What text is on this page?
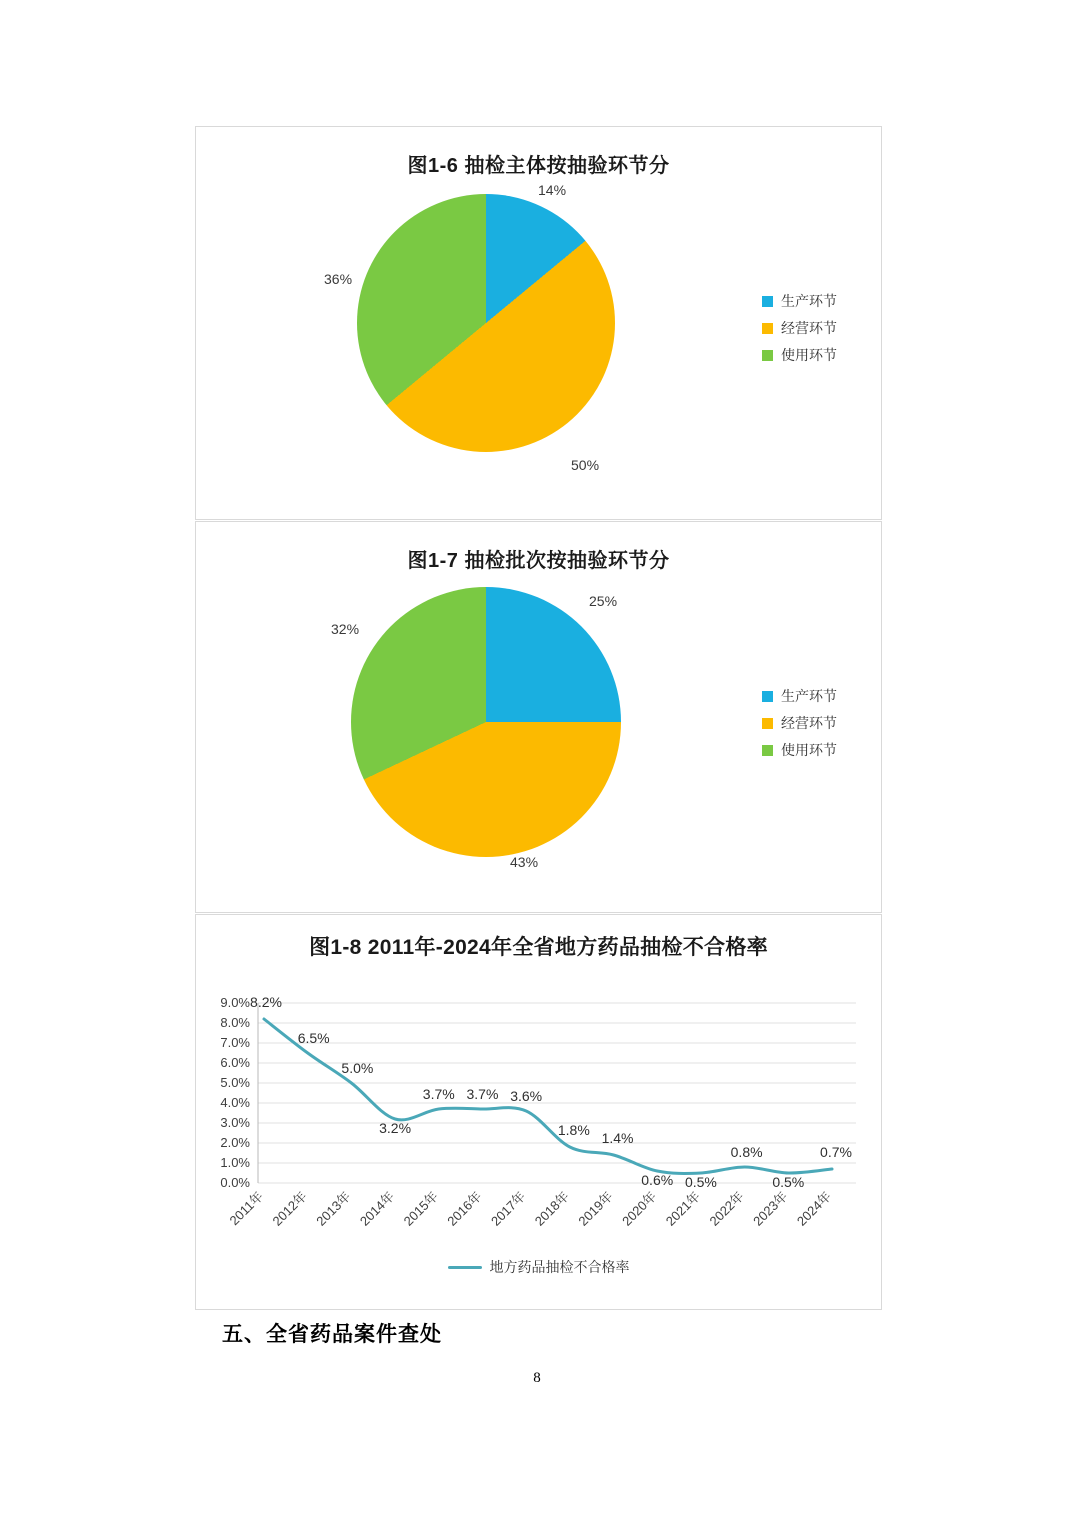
图1-6 抽检主体按抽验环节分
14%
50%
36%
生产环节
经营环节
使用环节
图1-7 抽检批次按抽验环节分
25%
43%
32%
生产环节
经营环节
使用环节
图1-8 2011年-2024年全省地方药品抽检不合格率
9.0%
8.0%
7.0%
6.0%
5.0%
4.0%
3.0%
2.0%
1.0%
0.0%
8.2%
6.5%
5.0%
3.2%
3.7% 3.7% 3.6%
1.8% 1.4%
0.6% 0.5%
0.8%
0.5%
0.7%
2011年 2012年 2013年 2014年 2015年 2016年 2017年 2018年 2019年 2020年 2021年 2022年 2023年 2024年
地方药品抽检不合格率
五、全省药品案件查处
8
